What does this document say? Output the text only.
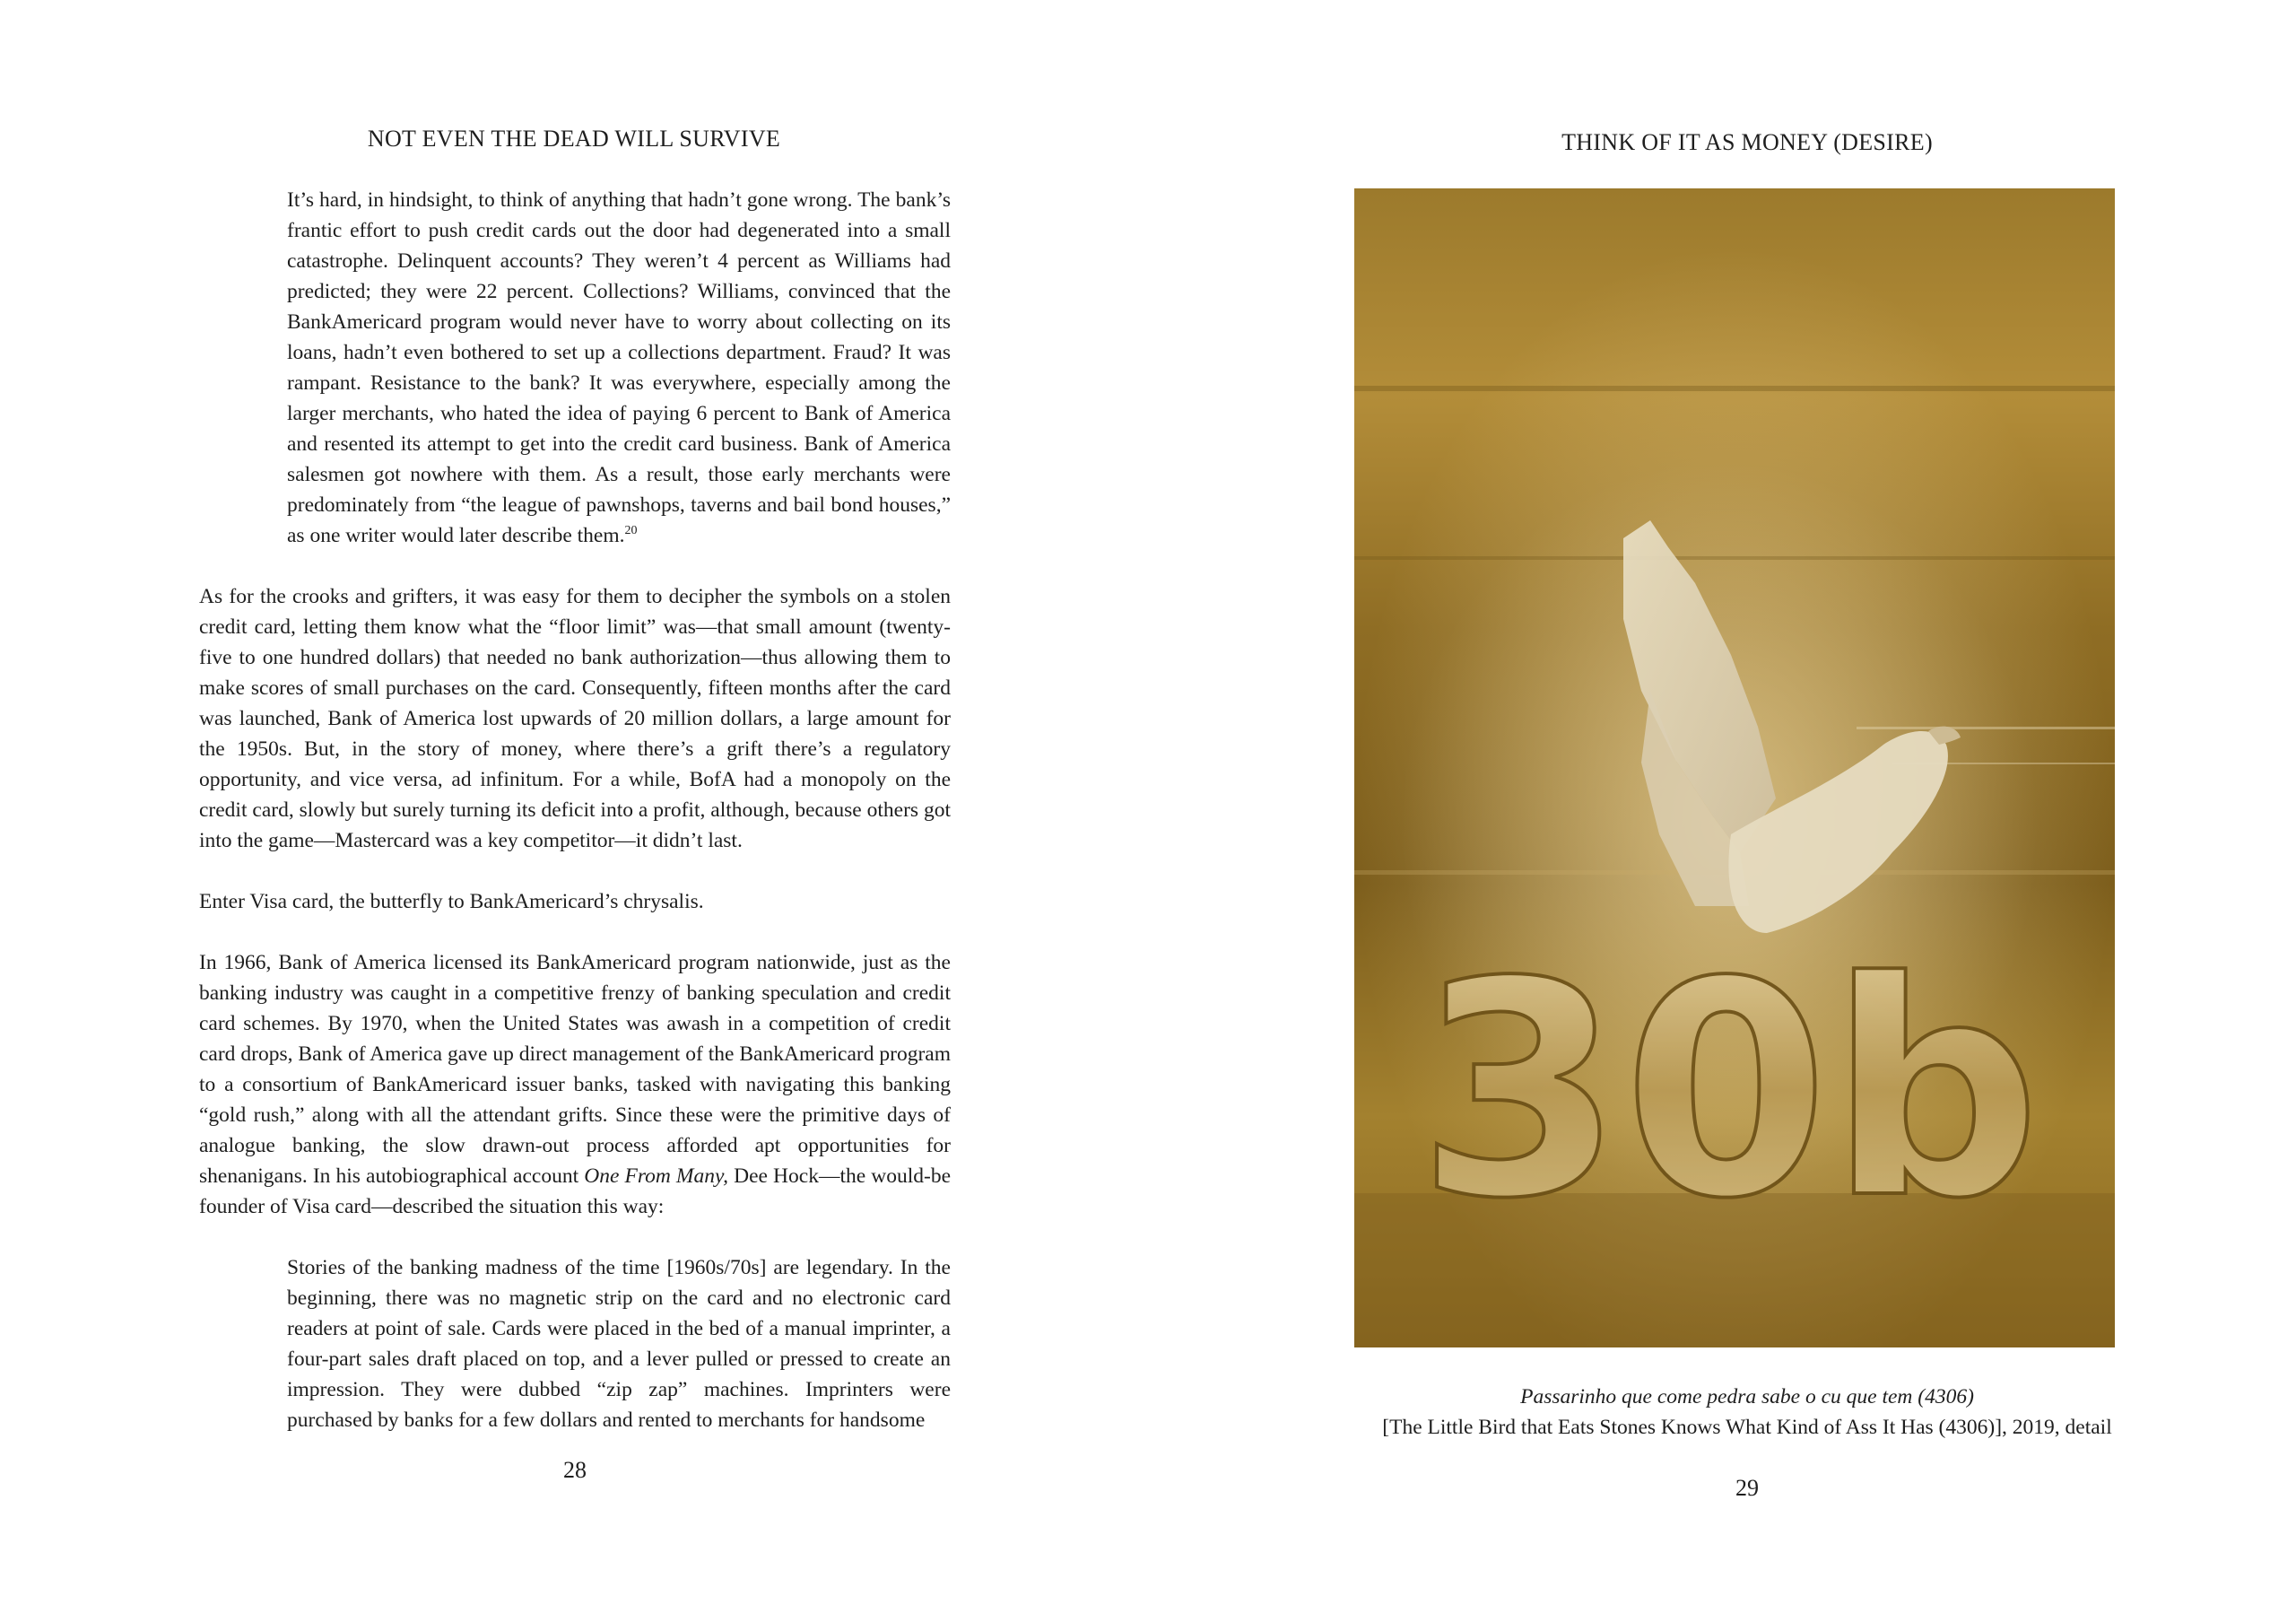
NOT EVEN THE DEAD WILL SURVIVE

It’s hard, in hindsight, to think of anything that hadn’t gone wrong. The bank’s frantic effort to push credit cards out the door had degenerated into a small catastrophe. Delinquent accounts? They weren’t 4 percent as Williams had predicted; they were 22 percent. Collections? Williams, convinced that the BankAmericard program would never have to worry about collecting on its loans, hadn’t even bothered to set up a collections department. Fraud? It was rampant. Resistance to the bank? It was everywhere, especially among the larger merchants, who hated the idea of paying 6 percent to Bank of America and resented its attempt to get into the credit card business. Bank of America salesmen got nowhere with them. As a result, those early merchants were predominately from “the league of pawnshops, taverns and bail bond houses,” as one writer would later describe them.$^{20}$

As for the crooks and grifters, it was easy for them to decipher the symbols on a stolen credit card, letting them know what the “floor limit” was—that small amount (twenty-five to one hundred dollars) that needed no bank authorization—thus allowing them to make scores of small purchases on the card. Consequently, fifteen months after the card was launched, Bank of America lost upwards of 20 million dollars, a large amount for the 1950s. But, in the story of money, where there’s a grift there’s a regulatory opportunity, and vice versa, ad infinitum. For a while, BofA had a monopoly on the credit card, slowly but surely turning its deficit into a profit, although, because others got into the game—Mastercard was a key competitor—it didn’t last.

Enter Visa card, the butterfly to BankAmericard’s chrysalis.

In 1966, Bank of America licensed its BankAmericard program nationwide, just as the banking industry was caught in a competitive frenzy of banking speculation and credit card schemes. By 1970, when the United States was awash in a competition of credit card drops, Bank of America gave up direct management of the BankAmericard program to a consortium of BankAmericard issuer banks, tasked with navigating this banking “gold rush,” along with all the attendant grifts. Since these were the primitive days of analogue banking, the slow drawn-out process afforded apt opportunities for shenanigans. In his autobiographical account One From Many, Dee Hock—the would-be founder of Visa card—described the situation this way:

Stories of the banking madness of the time [1960s/70s] are legendary. In the beginning, there was no magnetic strip on the card and no electronic card readers at point of sale. Cards were placed in the bed of a manual imprinter, a four-part sales draft placed on top, and a lever pulled or pressed to create an impression. They were dubbed “zip zap” machines. Imprinters were purchased by banks for a few dollars and rented to merchants for handsome

28
THINK OF IT AS MONEY (DESIRE)
30b
Passarinho que come pedra sabe o cu que tem (4306)
[The Little Bird that Eats Stones Knows What Kind of Ass It Has (4306)], 2019, detail
29
